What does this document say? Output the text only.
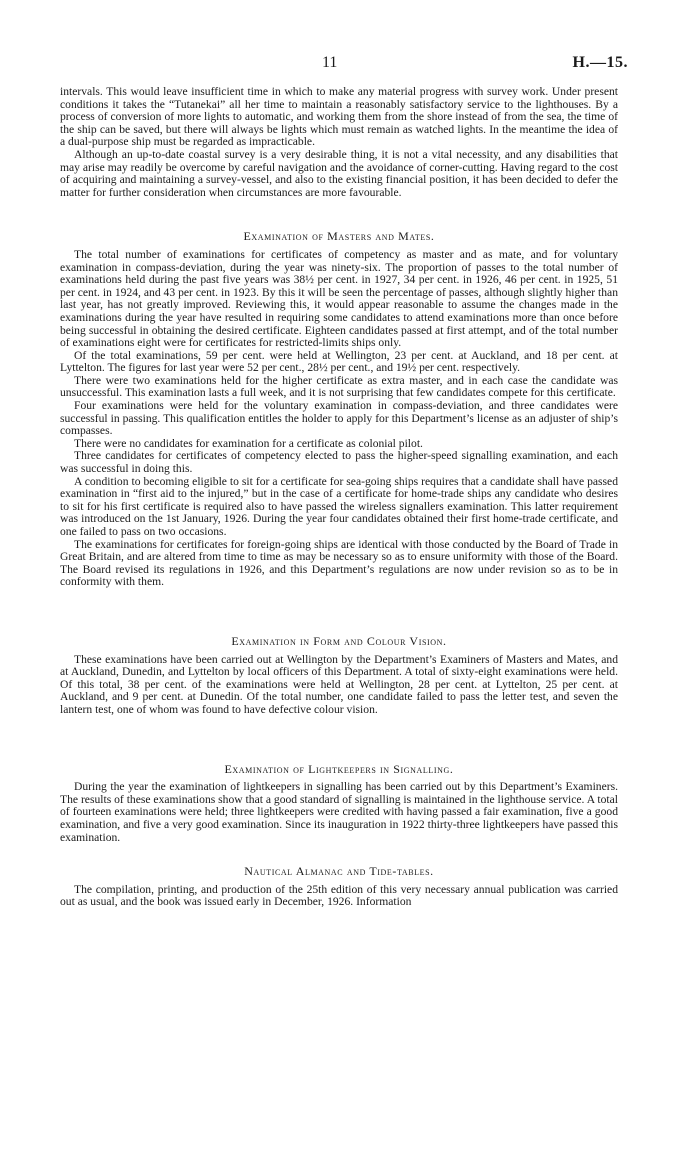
11	H.—15.

intervals. This would leave insufficient time in which to make any material progress with survey work. Under present conditions it takes the “Tutanekai” all her time to maintain a reasonably satisfactory service to the lighthouses. By a process of conversion of more lights to automatic, and working them from the shore instead of from the sea, the time of the ship can be saved, but there will always be lights which must remain as watched lights. In the meantime the idea of a dual-purpose ship must be regarded as impracticable.

Although an up-to-date coastal survey is a very desirable thing, it is not a vital necessity, and any disabilities that may arise may readily be overcome by careful navigation and the avoidance of corner-cutting. Having regard to the cost of acquiring and maintaining a survey-vessel, and also to the existing financial position, it has been decided to defer the matter for further consideration when circumstances are more favourable.

Examination of Masters and Mates.

The total number of examinations for certificates of competency as master and as mate, and for voluntary examination in compass-deviation, during the year was ninety-six. The proportion of passes to the total number of examinations held during the past five years was 38½ per cent. in 1927, 34 per cent. in 1926, 46 per cent. in 1925, 51 per cent. in 1924, and 43 per cent. in 1923. By this it will be seen the percentage of passes, although slightly higher than last year, has not greatly improved. Reviewing this, it would appear reasonable to assume the changes made in the examinations during the year have resulted in requiring some candidates to attend examinations more than once before being successful in obtaining the desired certificate. Eighteen candidates passed at first attempt, and of the total number of examinations eight were for certificates for restricted-limits ships only.

Of the total examinations, 59 per cent. were held at Wellington, 23 per cent. at Auckland, and 18 per cent. at Lyttelton. The figures for last year were 52 per cent., 28½ per cent., and 19½ per cent. respectively.

There were two examinations held for the higher certificate as extra master, and in each case the candidate was unsuccessful. This examination lasts a full week, and it is not surprising that few candidates compete for this certificate.

Four examinations were held for the voluntary examination in compass-deviation, and three candidates were successful in passing. This qualification entitles the holder to apply for this Department’s license as an adjuster of ship’s compasses.

There were no candidates for examination for a certificate as colonial pilot.

Three candidates for certificates of competency elected to pass the higher-speed signalling examination, and each was successful in doing this.

A condition to becoming eligible to sit for a certificate for sea-going ships requires that a candidate shall have passed examination in “first aid to the injured,” but in the case of a certificate for home-trade ships any candidate who desires to sit for his first certificate is required also to have passed the wireless signallers examination. This latter requirement was introduced on the 1st January, 1926. During the year four candidates obtained their first home-trade certificate, and one failed to pass on two occasions.

The examinations for certificates for foreign-going ships are identical with those conducted by the Board of Trade in Great Britain, and are altered from time to time as may be necessary so as to ensure uniformity with those of the Board. The Board revised its regulations in 1926, and this Department’s regulations are now under revision so as to be in conformity with them.

Examination in Form and Colour Vision.

These examinations have been carried out at Wellington by the Department’s Examiners of Masters and Mates, and at Auckland, Dunedin, and Lyttelton by local officers of this Department. A total of sixty-eight examinations were held. Of this total, 38 per cent. of the examinations were held at Wellington, 28 per cent. at Lyttelton, 25 per cent. at Auckland, and 9 per cent. at Dunedin. Of the total number, one candidate failed to pass the letter test, and seven the lantern test, one of whom was found to have defective colour vision.

Examination of Lightkeepers in Signalling.

During the year the examination of lightkeepers in signalling has been carried out by this Department’s Examiners. The results of these examinations show that a good standard of signalling is maintained in the lighthouse service. A total of fourteen examinations were held; three lightkeepers were credited with having passed a fair examination, five a good examination, and five a very good examination. Since its inauguration in 1922 thirty-three lightkeepers have passed this examination.

Nautical Almanac and Tide-tables.

The compilation, printing, and production of the 25th edition of this very necessary annual publication was carried out as usual, and the book was issued early in December, 1926. Information
